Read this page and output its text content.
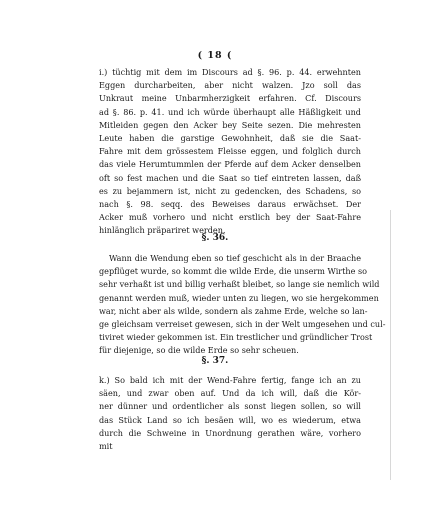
( 18 (
i.) tüchtig mit dem im Discours ad §. 96. p. 44. erwehnten
Eggen durcharbeiten, aber nicht walzen. Jzo soll das
Unkraut meine Unbarmherzigkeit erfahren. Cf. Discours
ad §. 86. p. 41. und ich würde überhaupt alle Häßligkeit und
Mitleiden gegen den Acker bey Seite sezen. Die mehresten
Leute haben die garstige Gewohnheit, daß sie die Saat-
Fahre mit dem grössestem Fleisse eggen, und folglich durch
das viele Herumtummlen der Pferde auf dem Acker denselben
oft so fest machen und die Saat so tief eintreten lassen, daß
es zu bejammern ist, nicht zu gedencken, des Schadens, so
nach §. 98. seqq. des Beweises daraus erwächset. Der
Acker muß vorhero und nicht erstlich bey der Saat-Fahre
hinlänglich präpariret werden.
§. 36.
Wann die Wendung eben so tief geschicht als in der Braache
gepflüget wurde, so kommt die wilde Erde, die unserm Wirthe so
sehr verhaßt ist und billig verhaßt bleibet, so lange sie nemlich wild
genannt werden muß, wieder unten zu liegen, wo sie hergekommen
war, nicht aber als wilde, sondern als zahme Erde, welche so lan-
ge gleichsam verreiset gewesen, sich in der Welt umgesehen und cul-
tiviret wieder gekommen ist. Ein trestlicher und gründlicher Trost
für diejenige, so die wilde Erde so sehr scheuen.
§. 37.
k.) So bald ich mit der Wend-Fahre fertig, fange ich an zu
säen, und zwar oben auf. Und da ich will, daß die Kör-
ner dünner und ordentlicher als sonst liegen sollen, so will
das Stück Land so ich besäen will, wo es wiederum, etwa
durch die Schweine in Unordnung gerathen wäre, vorhero
mit
